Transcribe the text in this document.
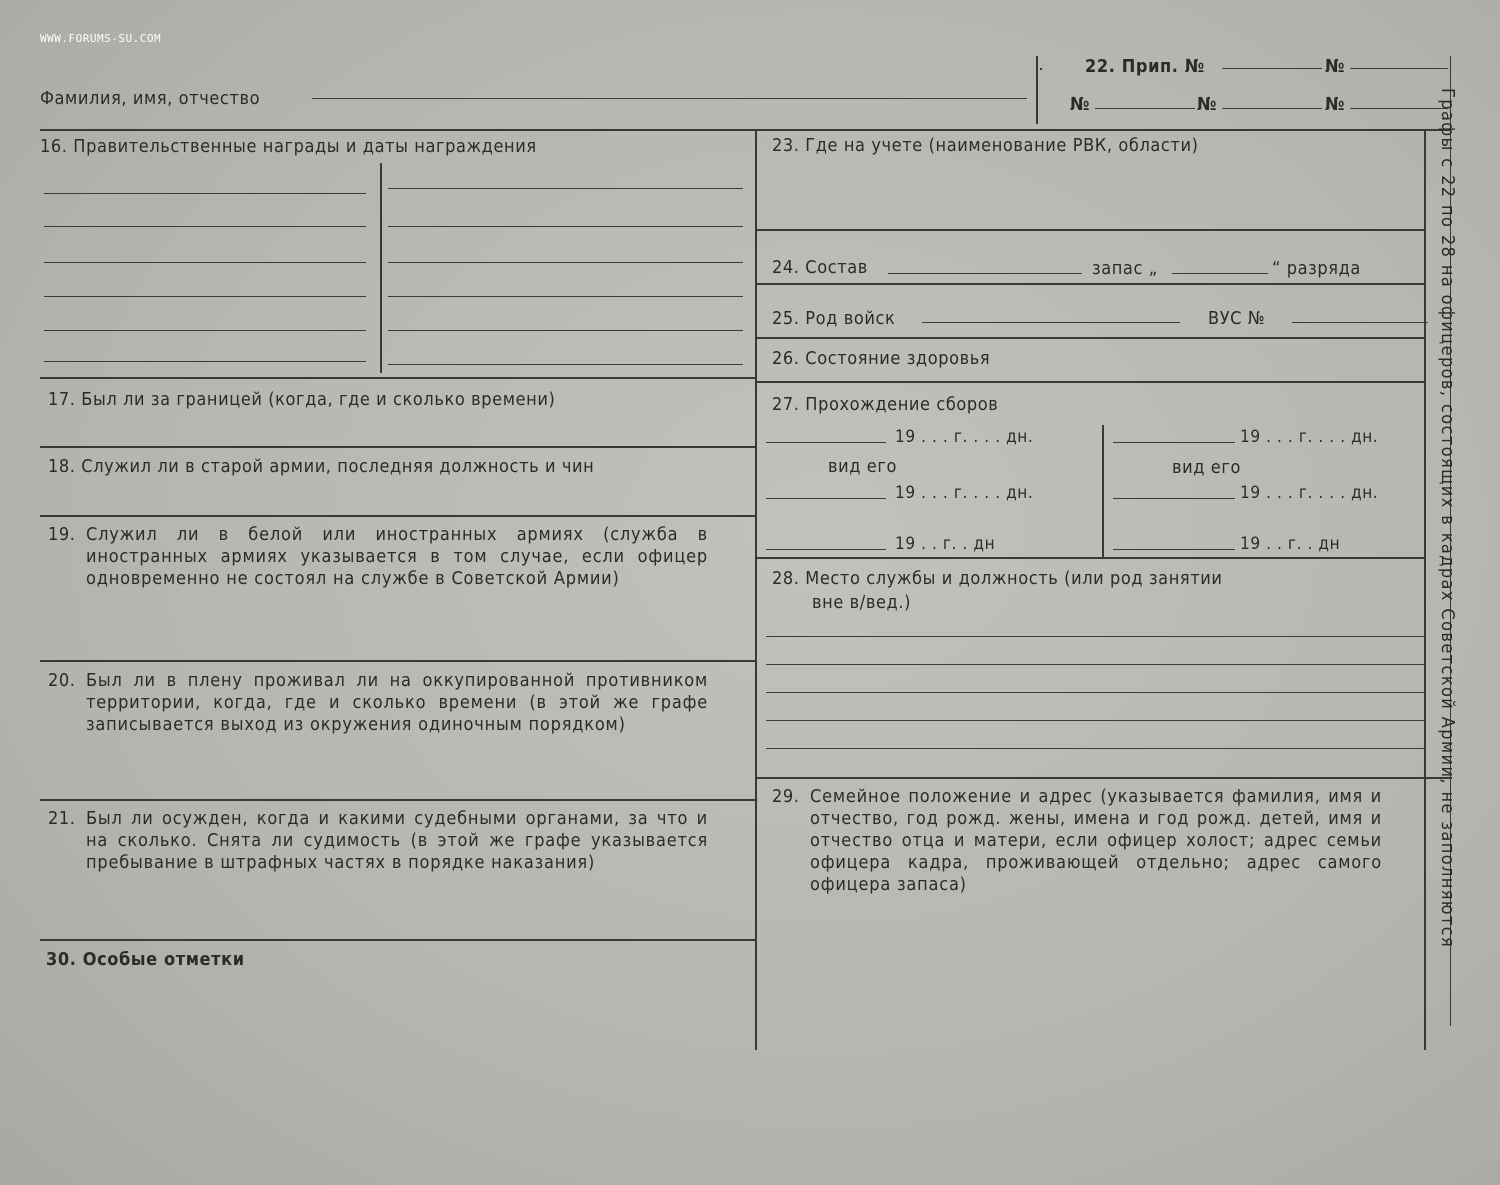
WWW.FORUMS-SU.COM
Фамилия, имя, отчество
22. Прип. №	№
№	№	№
16. Правительственные награды и даты награждения
17. Был ли за границей (когда, где и сколько времени)
18. Служил ли в старой армии, последняя должность и чин
19. Служил ли в белой или иностранных армиях (служба в иностранных армиях указывается в том случае, если офицер одновременно не состоял на службе в Советской Армии)
20. Был ли в плену проживал ли на оккупированной противником территории, когда, где и сколько времени (в этой же графе записывается выход из окружения одиночным порядком)
21. Был ли осужден, когда и какими судебными органами, за что и на сколько. Снята ли судимость (в этой же графе указывается пребывание в штрафных частях в порядке наказания)
30. Особые отметки
23. Где на учете (наименование РВК, области)
24. Состав	запас „	“ разряда
25. Род войск	ВУС №
26. Состояние здоровья
27. Прохождение сборов
19 . . . г. . . . дн.	19 . . . г. . . . дн.
вид его	вид его
19 . . . г. . . . дн.	19 . . . г. . . . дн.
19 . . г. . дн	19 . . г. . дн
28. Место службы и должность (или род занятии
вне в/вед.)
29. Семейное положение и адрес (указывается фамилия, имя и отчество, год рожд. жены, имена и год рожд. детей, имя и отчество отца и матери, если офицер холост; адрес семьи офицера кадра, проживающей отдельно; адрес самого офицера запаса)	Графы с 22 по 28 на офицеров, состоящих в кадрах Советской Армии, не заполняются
